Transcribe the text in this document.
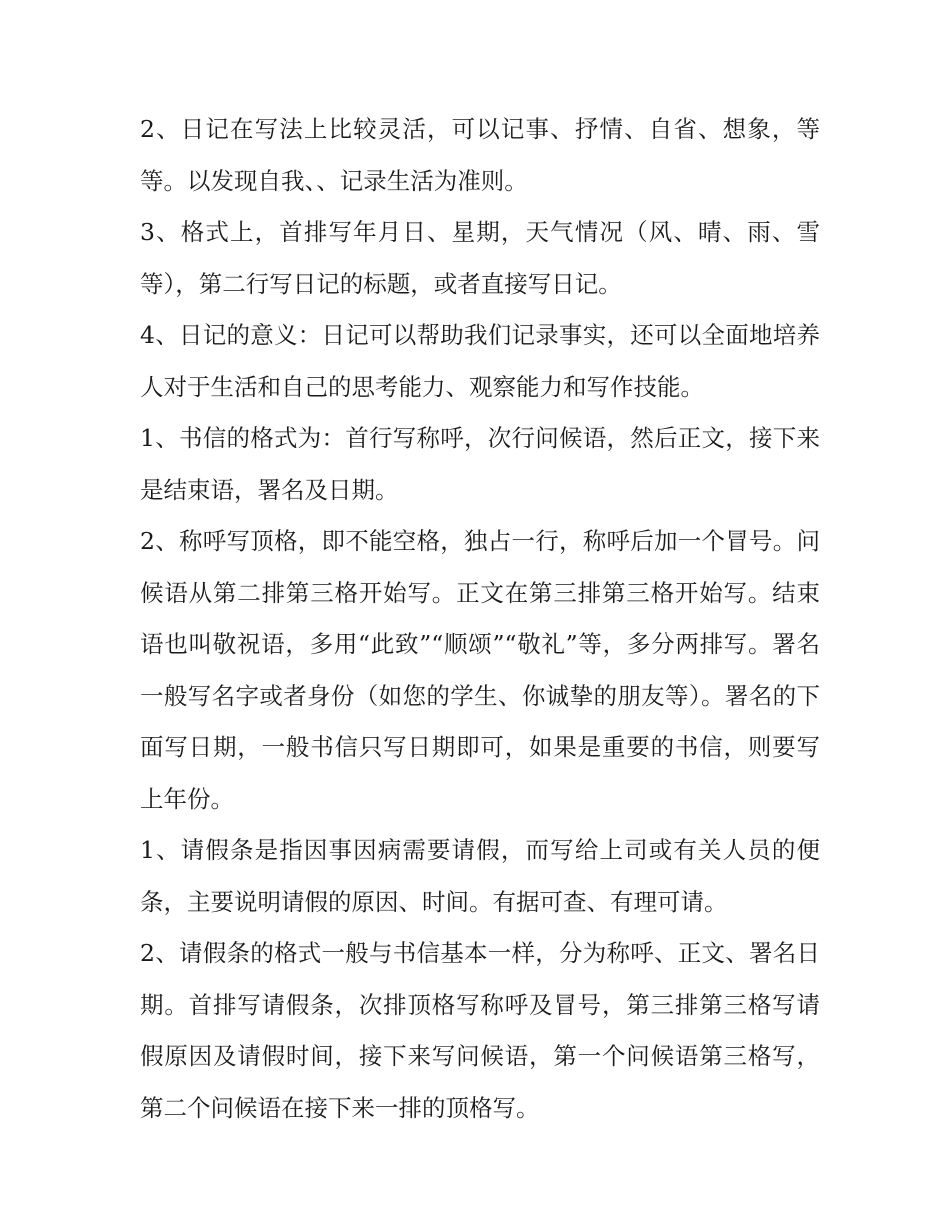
2、日记在写法上比较灵活，可以记事、抒情、自省、想象，等等。以发现自我、、记录生活为准则。

3、格式上，首排写年月日、星期，天气情况（风、晴、雨、雪等），第二行写日记的标题，或者直接写日记。

4、日记的意义：日记可以帮助我们记录事实，还可以全面地培养人对于生活和自己的思考能力、观察能力和写作技能。

1、书信的格式为：首行写称呼，次行问候语，然后正文，接下来是结束语，署名及日期。

2、称呼写顶格，即不能空格，独占一行，称呼后加一个冒号。问候语从第二排第三格开始写。正文在第三排第三格开始写。结束语也叫敬祝语，多用“此致”“顺颂”“敬礼”等，多分两排写。署名一般写名字或者身份（如您的学生、你诚挚的朋友等）。署名的下面写日期，一般书信只写日期即可，如果是重要的书信，则要写上年份。

1、请假条是指因事因病需要请假，而写给上司或有关人员的便条，主要说明请假的原因、时间。有据可查、有理可请。

2、请假条的格式一般与书信基本一样，分为称呼、正文、署名日期。首排写请假条，次排顶格写称呼及冒号，第三排第三格写请假原因及请假时间，接下来写问候语，第一个问候语第三格写，第二个问候语在接下来一排的顶格写。
